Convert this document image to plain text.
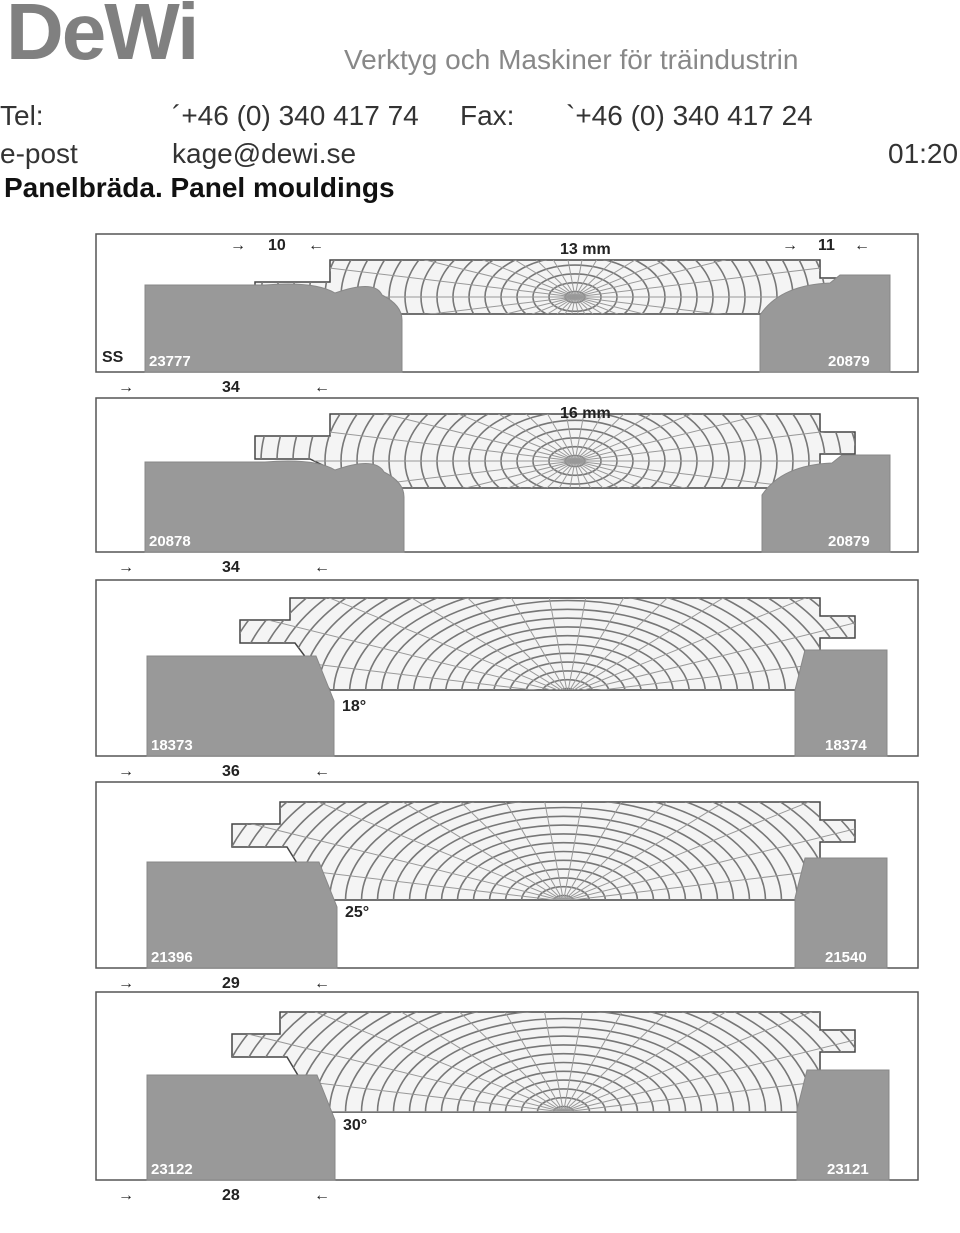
DeWi	Verktyg och Maskiner för träindustrin
Tel:	´+46 (0) 340 417 74 Fax: `+46 (0) 340 417 24
e-post	kage@dewi.se	01:20
Panelbräda. Panel mouldings
23777	20879
13 mm
SS
→ 10 ←	→ 11 ←
→	34	←
20878	20879
16 mm
→	34	←
18373	18374
18°
→	36	←
21396	21540
25°
→	29	←
23122	23121
30°
→	28	←
